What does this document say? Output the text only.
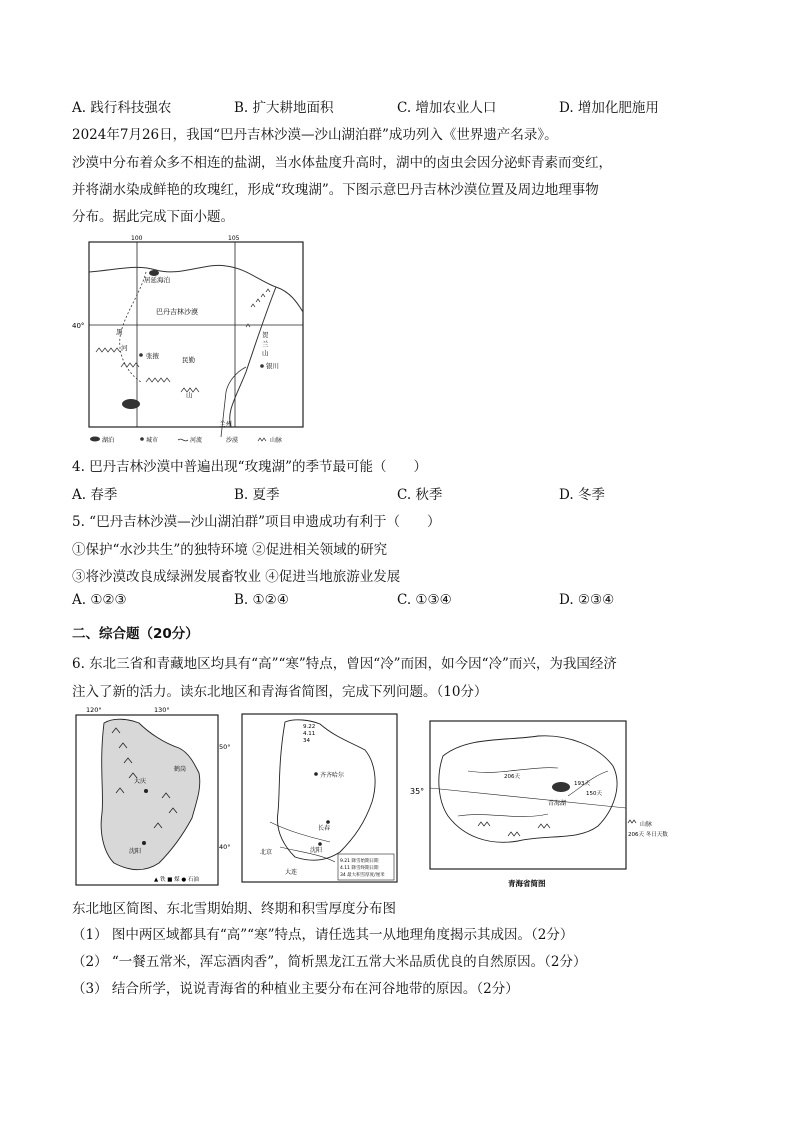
A. 践行科技强农	B. 扩大耕地面积	C. 增加农业人口	D. 增加化肥施用
2024年7月26日，我国“巴丹吉林沙漠—沙山湖泊群”成功列入《世界遗产名录》。
沙漠中分布着众多不相连的盐湖，当水体盐度升高时，湖中的卤虫会因分泌虾青素而变红，
并将湖水染成鲜艳的玫瑰红，形成“玫瑰湖”。下图示意巴丹吉林沙漠位置及周边地理事物
分布。据此完成下面小题。
100	105
40°
居延海泊
巴丹吉林沙漠
黑
河
张掖	民勤
山
贺
兰
山
银川
兰州
湖泊	城市	河流	沙漠	山脉
4. 巴丹吉林沙漠中普遍出现“玫瑰湖”的季节最可能（　　）
A. 春季	B. 夏季	C. 秋季	D. 冬季
5. “巴丹吉林沙漠—沙山湖泊群”项目申遗成功有利于（　　）
①保护“水沙共生”的独特环境 ②促进相关领域的研究
③将沙漠改良成绿洲发展畜牧业 ④促进当地旅游业发展
A. ①②③	B. ①②④	C. ①③④	D. ②③④
二、综合题（20分）
6. 东北三省和青藏地区均具有“高”“寒”特点，曾因“冷”而困，如今因“冷”而兴，为我国经济
注入了新的活力。读东北地区和青海省简图，完成下列问题。（10分）
120°	130°
50°
40°
大庆
鹤岗
沈阳
▲ 铁 ■ 煤 ● 石油
9.22
4.11
34
齐齐哈尔
长春
沈阳
北京
大连
9.21 降雪始期日期
4.11 降雪终期日期
34 最大积雪厚度/厘米
35°
青海湖
206天
193天
150天
山脉
206天 冬日天数
青海省简图
东北地区简图、东北雪期始期、终期和积雪厚度分布图
（1） 图中两区域都具有“高”“寒”特点，请任选其一从地理角度揭示其成因。（2分）
（2） “一餐五常米，浑忘酒肉香”，简析黑龙江五常大米品质优良的自然原因。（2分）
（3） 结合所学，说说青海省的种植业主要分布在河谷地带的原因。（2分）
